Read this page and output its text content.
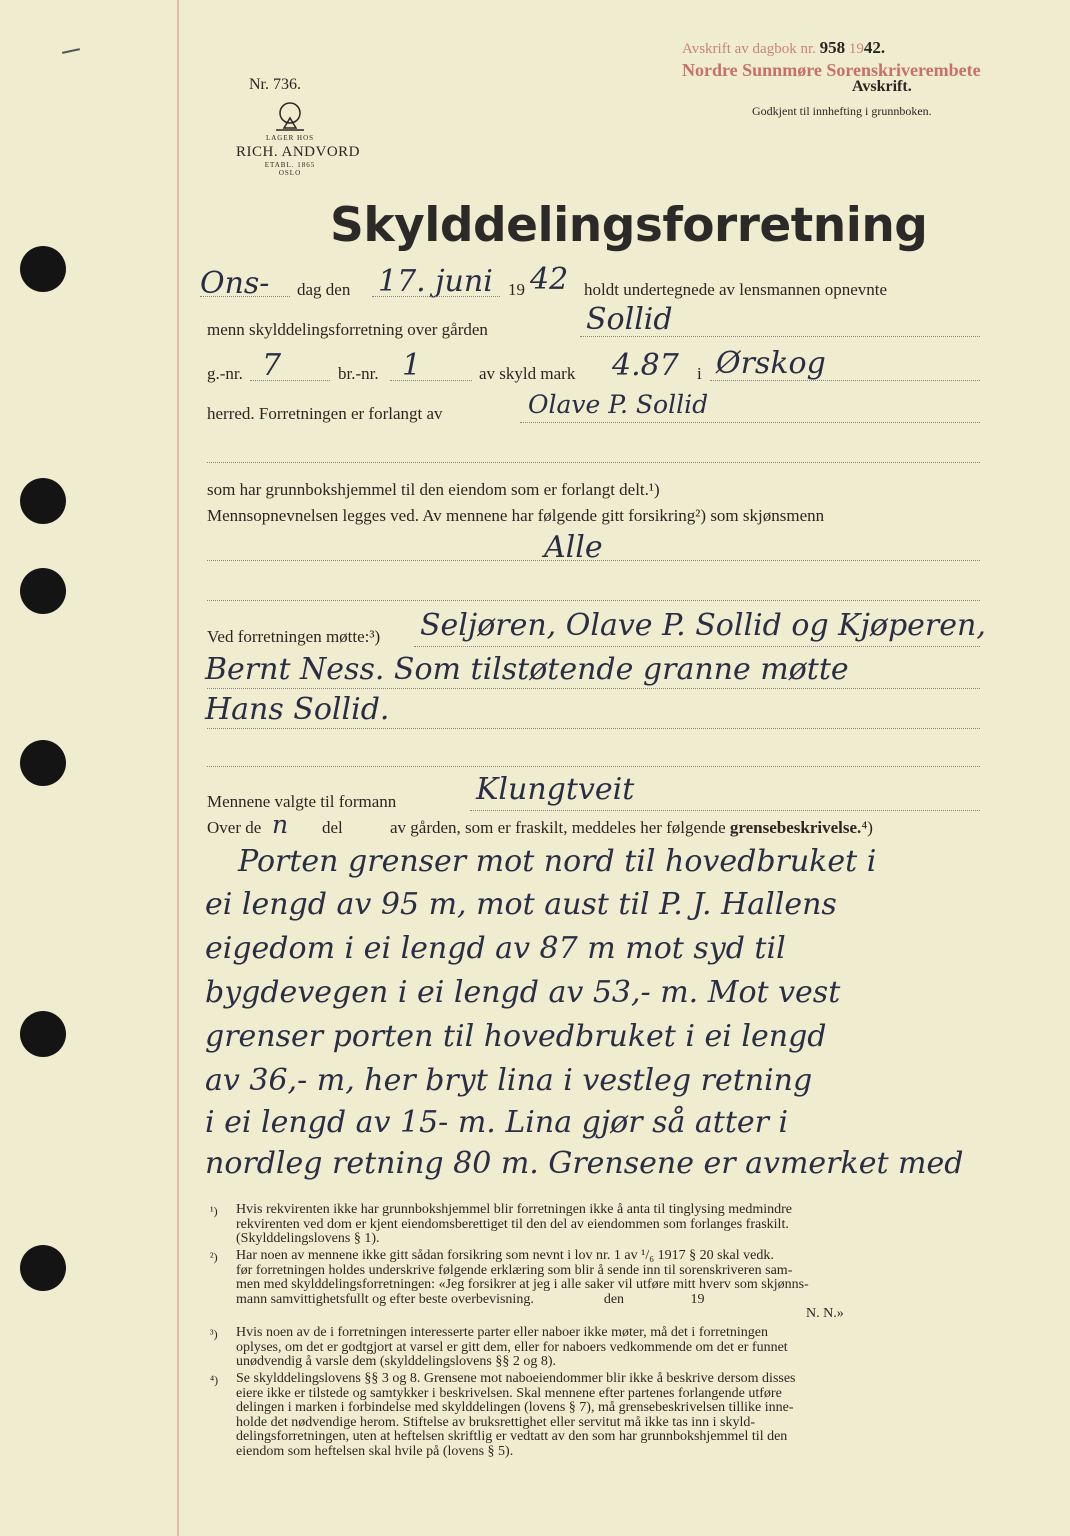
Nr. 736.
LAGER HOS
RICH. ANDVORD
ETABL. 1865
OSLO
Avskrift av dagbok nr. 958 1942.
Nordre Sunnmøre Sorenskriverembete
Avskrift.
Godkjent til innhefting i grunnboken.
Skylddelingsforretning
Ons- dag den 17. juni 19 42 holdt undertegnede av lensmannen opnevnte
menn skylddelingsforretning over gården	Sollid
g.-nr. 7	br.-nr. 1	av skyld mark 4.87 i Ørskog
herred. Forretningen er forlangt av	Olave P. Sollid
som har grunnbokshjemmel til den eiendom som er forlangt delt.¹)
Mennsopnevnelsen legges ved. Av mennene har følgende gitt forsikring²) som skjønsmenn
Alle
Ved forretningen møtte:³) Seljøren, Olave P. Sollid og Kjøperen,
Bernt Ness. Som tilstøtende granne møtte
Hans Sollid.
Mennene valgte til formann	Klungtveit
Over de n del	av gården, som er fraskilt, meddeles her følgende grensebeskrivelse.⁴)
Porten grenser mot nord til hovedbruket i
ei lengd av 95 m, mot aust til P. J. Hallens
eigedom i ei lengd av 87 m mot syd til
bygdevegen i ei lengd av 53,- m. Mot vest
grenser porten til hovedbruket i ei lengd
av 36,- m, her bryt lina i vestleg retning
i ei lengd av 15- m. Lina gjør så atter i
nordleg retning 80 m. Grensene er avmerket med
¹) Hvis rekvirenten ikke har grunnbokshjemmel blir forretningen ikke å anta til tinglysing medmindre
rekvirenten ved dom er kjent eiendomsberettiget til den del av eiendommen som forlanges fraskilt.
(Skylddelingslovens § 1).
²) Har noen av mennene ikke gitt sådan forsikring som nevnt i lov nr. 1 av ¹/₆ 1917 § 20 skal vedk.
før forretningen holdes underskrive følgende erklæring som blir å sende inn til sorenskriveren sam-
men med skylddelingsforretningen: «Jeg forsikrer at jeg i alle saker vil utføre mitt hverv som skjønns-
mann samvittighetsfullt og efter beste overbevisning.                    den                   19
N. N.»
³) Hvis noen av de i forretningen interesserte parter eller naboer ikke møter, må det i forretningen
oplyses, om det er godtgjort at varsel er gitt dem, eller for naboers vedkommende om det er funnet
unødvendig å varsle dem (skylddelingslovens §§ 2 og 8).
⁴) Se skylddelingslovens §§ 3 og 8. Grensene mot naboeiendommer blir ikke å beskrive dersom disses
eiere ikke er tilstede og samtykker i beskrivelsen. Skal mennene efter partenes forlangende utføre
delingen i marken i forbindelse med skylddelingen (lovens § 7), må grensebeskrivelsen tillike inne-
holde det nødvendige herom. Stiftelse av bruksrettighet eller servitut må ikke tas inn i skyld-
delingsforretningen, uten at heftelsen skriftlig er vedtatt av den som har grunnbokshjemmel til den
eiendom som heftelsen skal hvile på (lovens § 5).
